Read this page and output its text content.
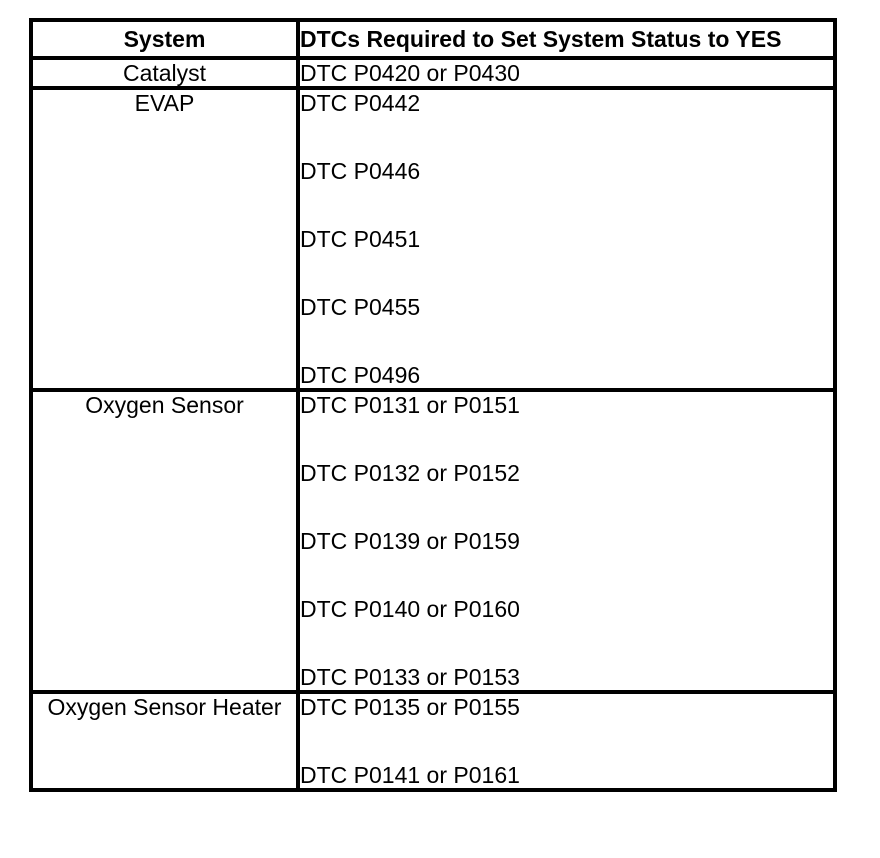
System	DTCs Required to Set System Status to YES
Catalyst	DTC P0420 or P0430

EVAP	DTC P0442
DTC P0446
DTC P0451
DTC P0455
DTC P0496

Oxygen Sensor	DTC P0131 or P0151
DTC P0132 or P0152
DTC P0139 or P0159
DTC P0140 or P0160
DTC P0133 or P0153

Oxygen Sensor Heater	DTC P0135 or P0155
DTC P0141 or P0161
